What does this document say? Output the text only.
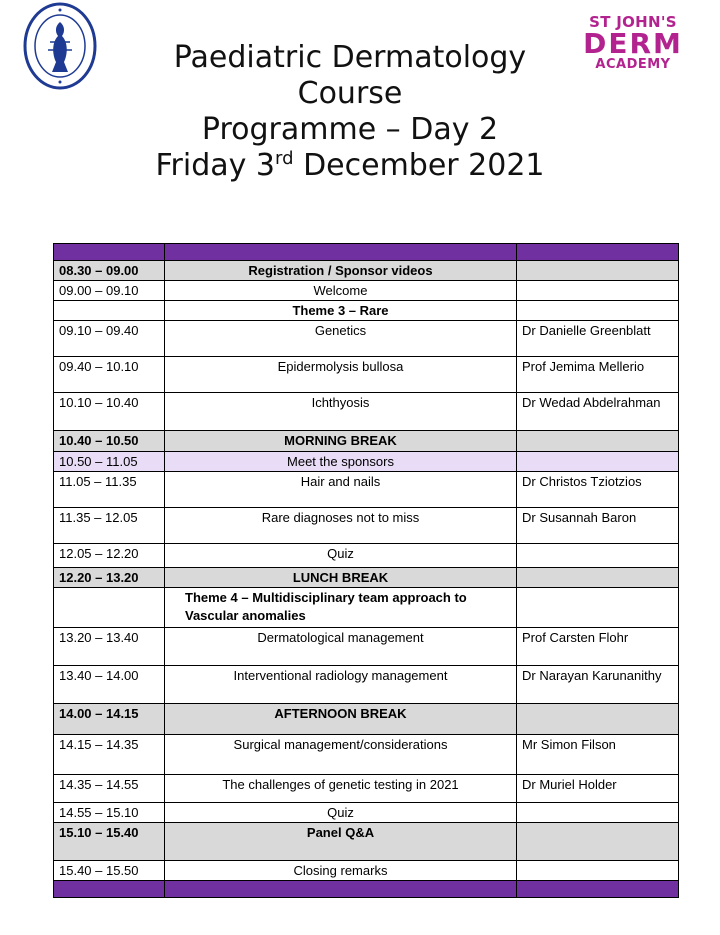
ST JOHN'S
DERM
ACADEMY
Paediatric Dermatology
Course
Programme – Day 2
Friday 3rd December 2021

08.30 – 09.00	Registration / Sponsor videos	
09.00 – 09.10	Welcome	
	Theme 3 – Rare	
09.10 – 09.40	Genetics	Dr Danielle Greenblatt
09.40 – 10.10	Epidermolysis bullosa	Prof Jemima Mellerio
10.10 – 10.40	Ichthyosis	Dr Wedad Abdelrahman
10.40 – 10.50	MORNING BREAK	
10.50 – 11.05	Meet the sponsors	
11.05 – 11.35	Hair and nails	Dr Christos Tziotzios
11.35 – 12.05	Rare diagnoses not to miss	Dr Susannah Baron
12.05 – 12.20	Quiz	
12.20 – 13.20	LUNCH BREAK	
	Theme 4 – Multidisciplinary team approach to Vascular anomalies	
13.20 – 13.40	Dermatological management	Prof Carsten Flohr
13.40 – 14.00	Interventional radiology management	Dr Narayan Karunanithy
14.00 – 14.15	AFTERNOON BREAK	
14.15 – 14.35	Surgical management/considerations	Mr Simon Filson
14.35 – 14.55	The challenges of genetic testing in 2021	Dr Muriel Holder
14.55 – 15.10	Quiz	
15.10 – 15.40	Panel Q&A	
15.40 – 15.50	Closing remarks	
